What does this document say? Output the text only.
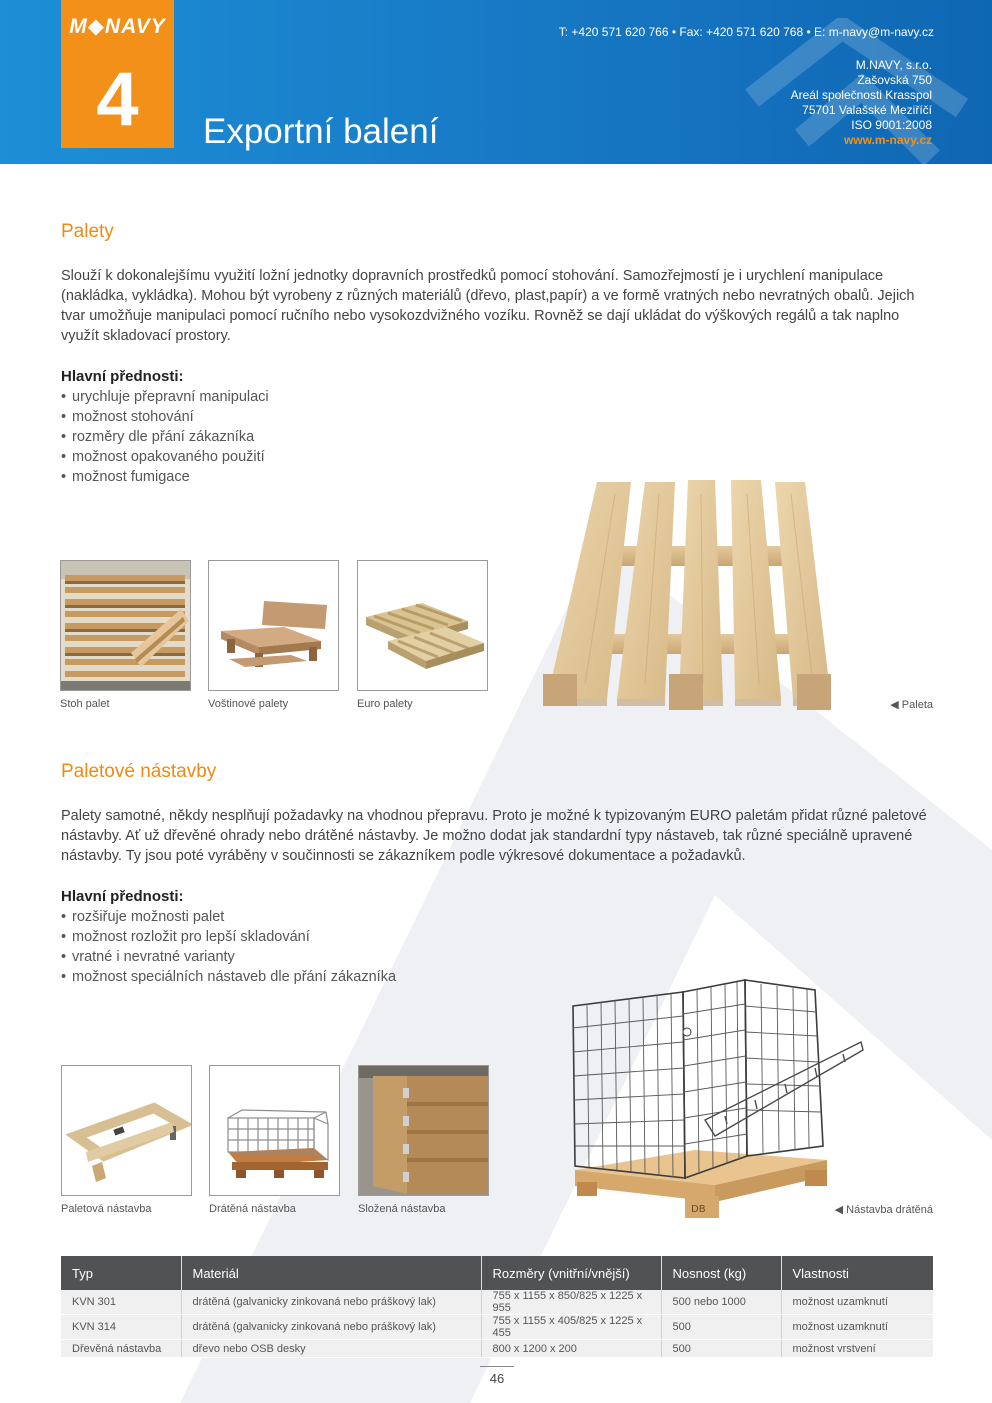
T: +420 571 620 766 • Fax: +420 571 620 768 • E: m-navy@m-navy.cz
M.NAVY, s.r.o.
Zašovská 750
Areál společnosti Krasspol
75701 Valašské Meziříčí
ISO 9001:2008
www.m-navy.cz
M◆NAVY
4	Exportní balení
Palety

Slouží k dokonalejšímu využití ložní jednotky dopravních prostředků pomocí stohování. Samozřejmostí je i urychlení manipulace (nakládka, vykládka). Mohou být vyrobeny z různých materiálů (dřevo, plast,papír) a ve formě vratných nebo nevratných obalů. Jejich tvar umožňuje manipulaci pomocí ručního nebo vysokozdvižného vozíku. Rovněž se dají ukládat do výškových regálů a tak naplno využít skladovací prostory.

Hlavní přednosti:
• urychluje přepravní manipulaci
• možnost stohování
• rozměry dle přání zákazníka
• možnost opakovaného použití
• možnost fumigace
Stoh palet	Voštinové palety	Euro palety	◀ Paleta
Paletové nástavby

Palety samotné, někdy nesplňují požadavky na vhodnou přepravu. Proto je možné k typizovaným EURO paletám přidat různé paletové nástavby. Ať už dřevěné ohrady nebo drátěné nástavby. Je možno dodat jak standardní typy nástaveb, tak různé speciálně upravené nástavby. Ty jsou poté vyráběny v součinnosti se zákazníkem podle výkresové dokumentace a požadavků.

Hlavní přednosti:
• rozšiřuje možnosti palet
• možnost rozložit pro lepší skladování
• vratné i nevratné varianty
• možnost speciálních nástaveb dle přání zákazníka
Paletová nástavba	Drátěná nástavba	Složená nástavba	DB	◀ Nástavba drátěná
Typ	Materiál	Rozměry (vnitřní/vnější)	Nosnost (kg)	Vlastnosti
KVN 301	drátěná (galvanicky zinkovaná nebo práškový lak)	755 x 1155 x 850/825 x 1225 x 955	500 nebo 1000	možnost uzamknutí
KVN 314	drátěná (galvanicky zinkovaná nebo práškový lak)	755 x 1155 x 405/825 x 1225 x 455	500	možnost uzamknutí
Dřevěná nástavba	dřevo nebo OSB desky	800 x 1200 x 200	500	možnost vrstvení
46
